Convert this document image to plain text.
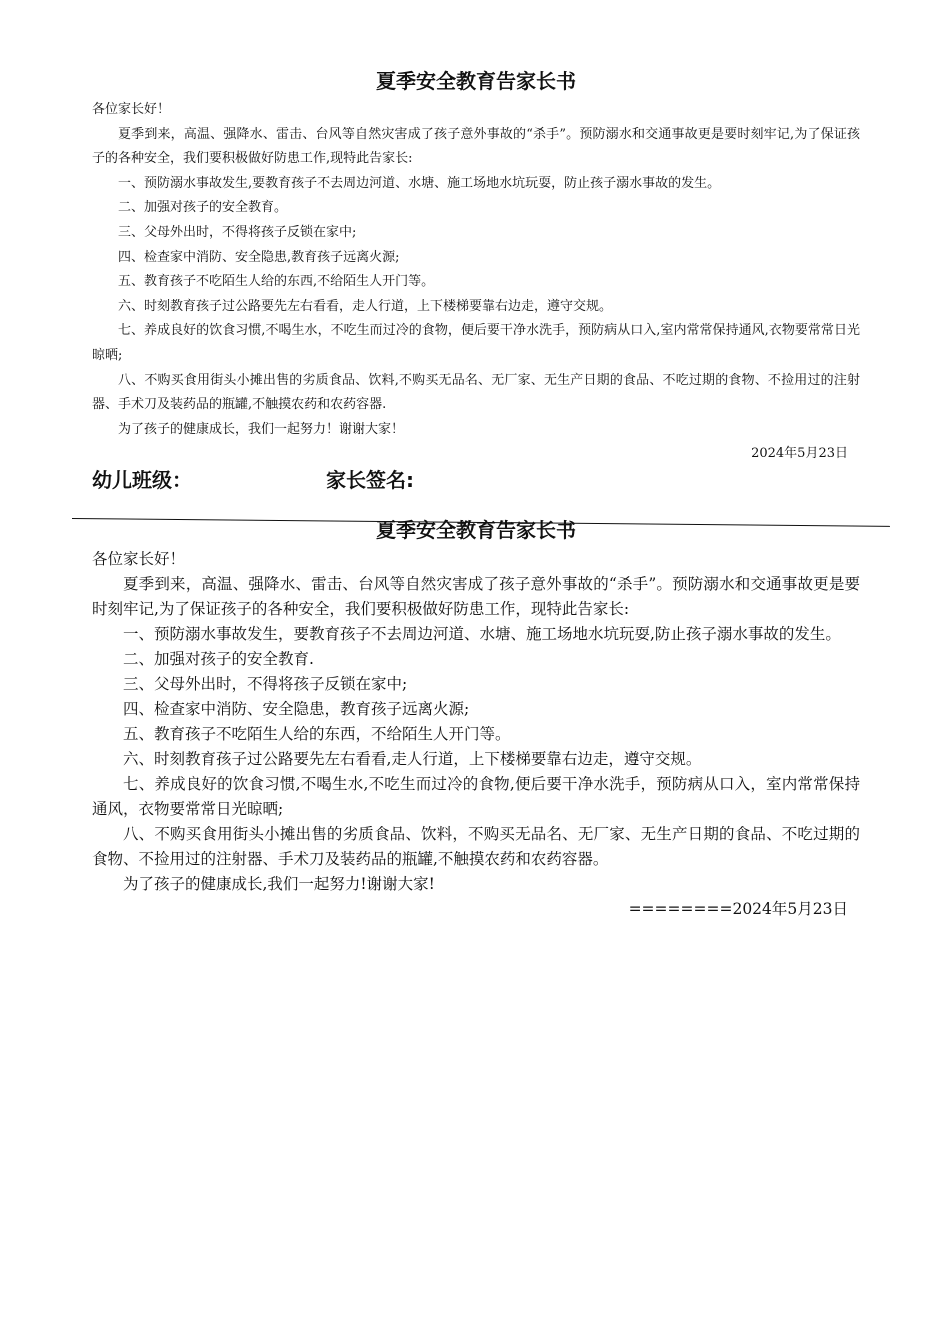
夏季安全教育告家长书

各位家长好！

夏季到来，高温、强降水、雷击、台风等自然灾害成了孩子意外事故的“杀手”。预防溺水和交通事故更是要时刻牢记,为了保证孩子的各种安全，我们要积极做好防患工作,现特此告家长:

一、预防溺水事故发生,要教育孩子不去周边河道、水塘、施工场地水坑玩耍，防止孩子溺水事故的发生。

二、加强对孩子的安全教育。

三、父母外出时，不得将孩子反锁在家中;

四、检查家中消防、安全隐患,教育孩子远离火源;

五、教育孩子不吃陌生人给的东西,不给陌生人开门等。

六、时刻教育孩子过公路要先左右看看，走人行道，上下楼梯要靠右边走，遵守交规。

七、养成良好的饮食习惯,不喝生水，不吃生而过冷的食物，便后要干净水洗手，预防病从口入,室内常常保持通风,衣物要常常日光晾晒;

八、不购买食用街头小摊出售的劣质食品、饮料,不购买无品名、无厂家、无生产日期的食品、不吃过期的食物、不捡用过的注射器、手术刀及装药品的瓶罐,不触摸农药和农药容器.

为了孩子的健康成长，我们一起努力！谢谢大家！

2024年5月23日

幼儿班级：	家长签名:
夏季安全教育告家长书

各位家长好！

夏季到来，高温、强降水、雷击、台风等自然灾害成了孩子意外事故的“杀手”。预防溺水和交通事故更是要时刻牢记,为了保证孩子的各种安全，我们要积极做好防患工作，现特此告家长:

一、预防溺水事故发生，要教育孩子不去周边河道、水塘、施工场地水坑玩耍,防止孩子溺水事故的发生。

二、加强对孩子的安全教育.

三、父母外出时，不得将孩子反锁在家中;

四、检查家中消防、安全隐患，教育孩子远离火源;

五、教育孩子不吃陌生人给的东西，不给陌生人开门等。

六、时刻教育孩子过公路要先左右看看,走人行道，上下楼梯要靠右边走，遵守交规。

七、养成良好的饮食习惯,不喝生水,不吃生而过冷的食物,便后要干净水洗手，预防病从口入，室内常常保持通风，衣物要常常日光晾晒;

八、不购买食用街头小摊出售的劣质食品、饮料，不购买无品名、无厂家、无生产日期的食品、不吃过期的食物、不捡用过的注射器、手术刀及装药品的瓶罐,不触摸农药和农药容器。

为了孩子的健康成长,我们一起努力!谢谢大家!

========2024年5月23日
